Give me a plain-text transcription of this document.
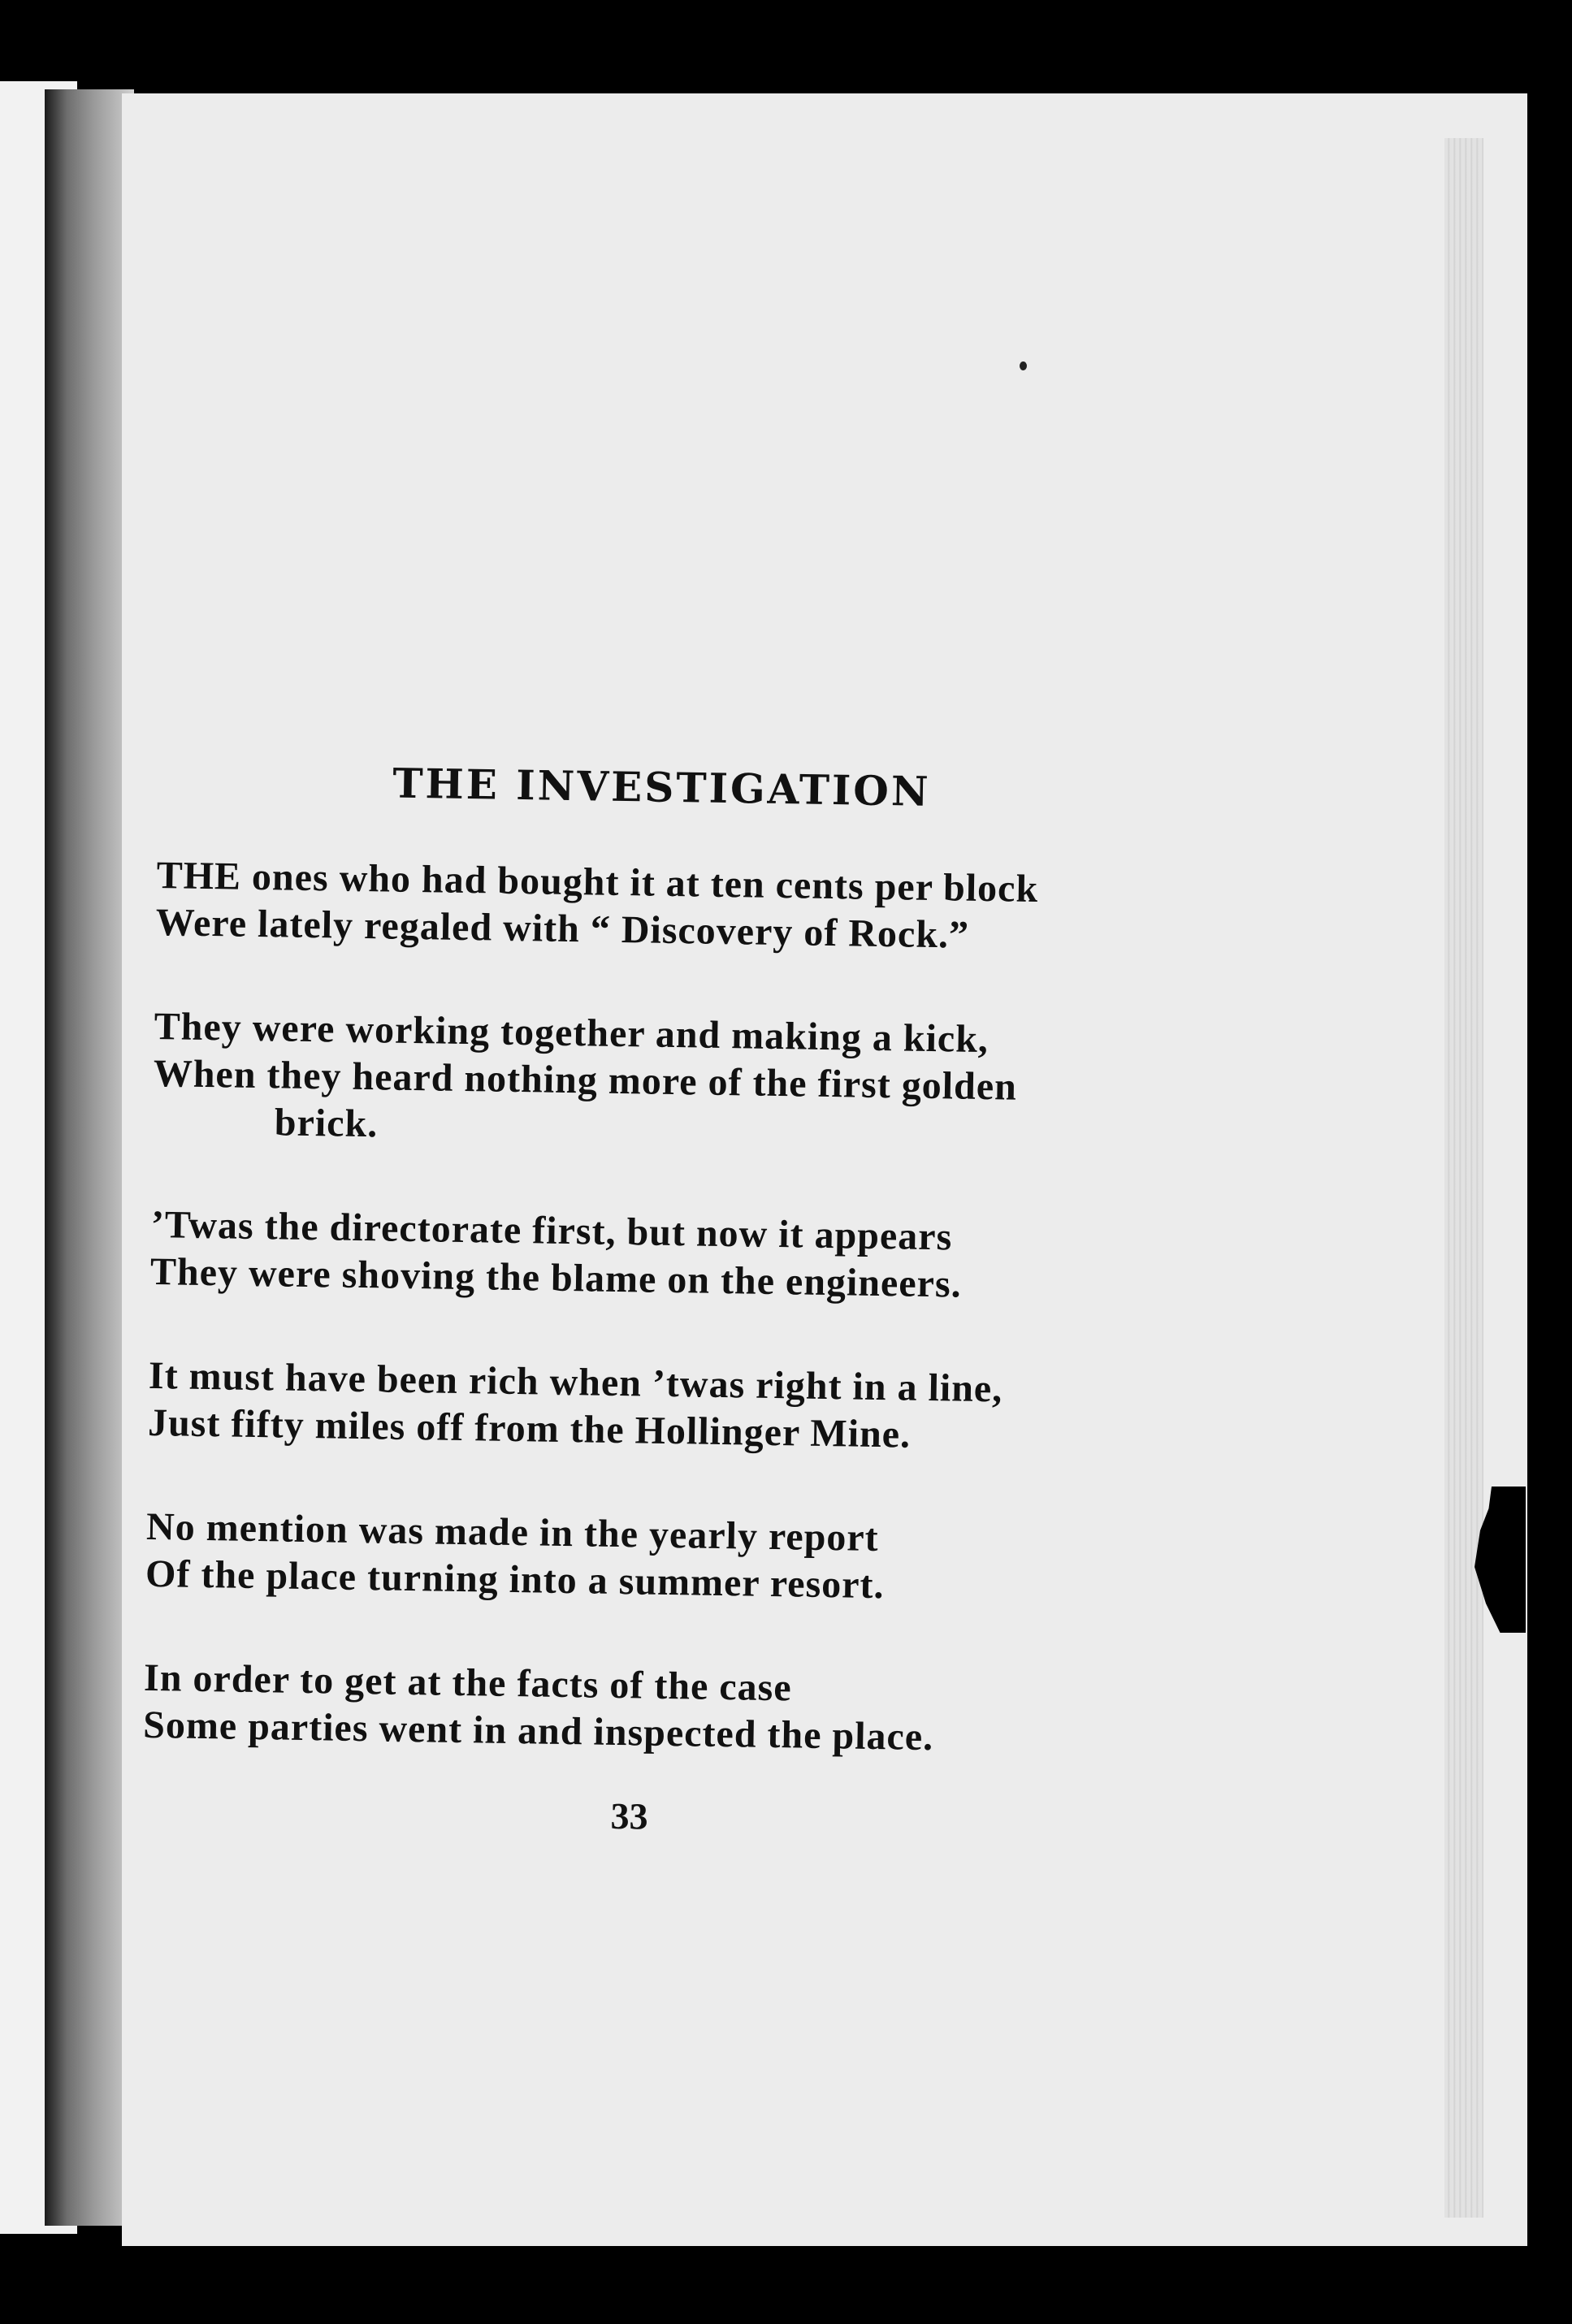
THE INVESTIGATION
THE ones who had bought it at ten cents per block
Were lately regaled with “ Discovery of Rock.”
They were working together and making a kick,
When they heard nothing more of the first golden
brick.
’Twas the directorate first, but now it appears
They were shoving the blame on the engineers.
It must have been rich when ’twas right in a line,
Just fifty miles off from the Hollinger Mine.
No mention was made in the yearly report
Of the place turning into a summer resort.
In order to get at the facts of the case
Some parties went in and inspected the place.
33
